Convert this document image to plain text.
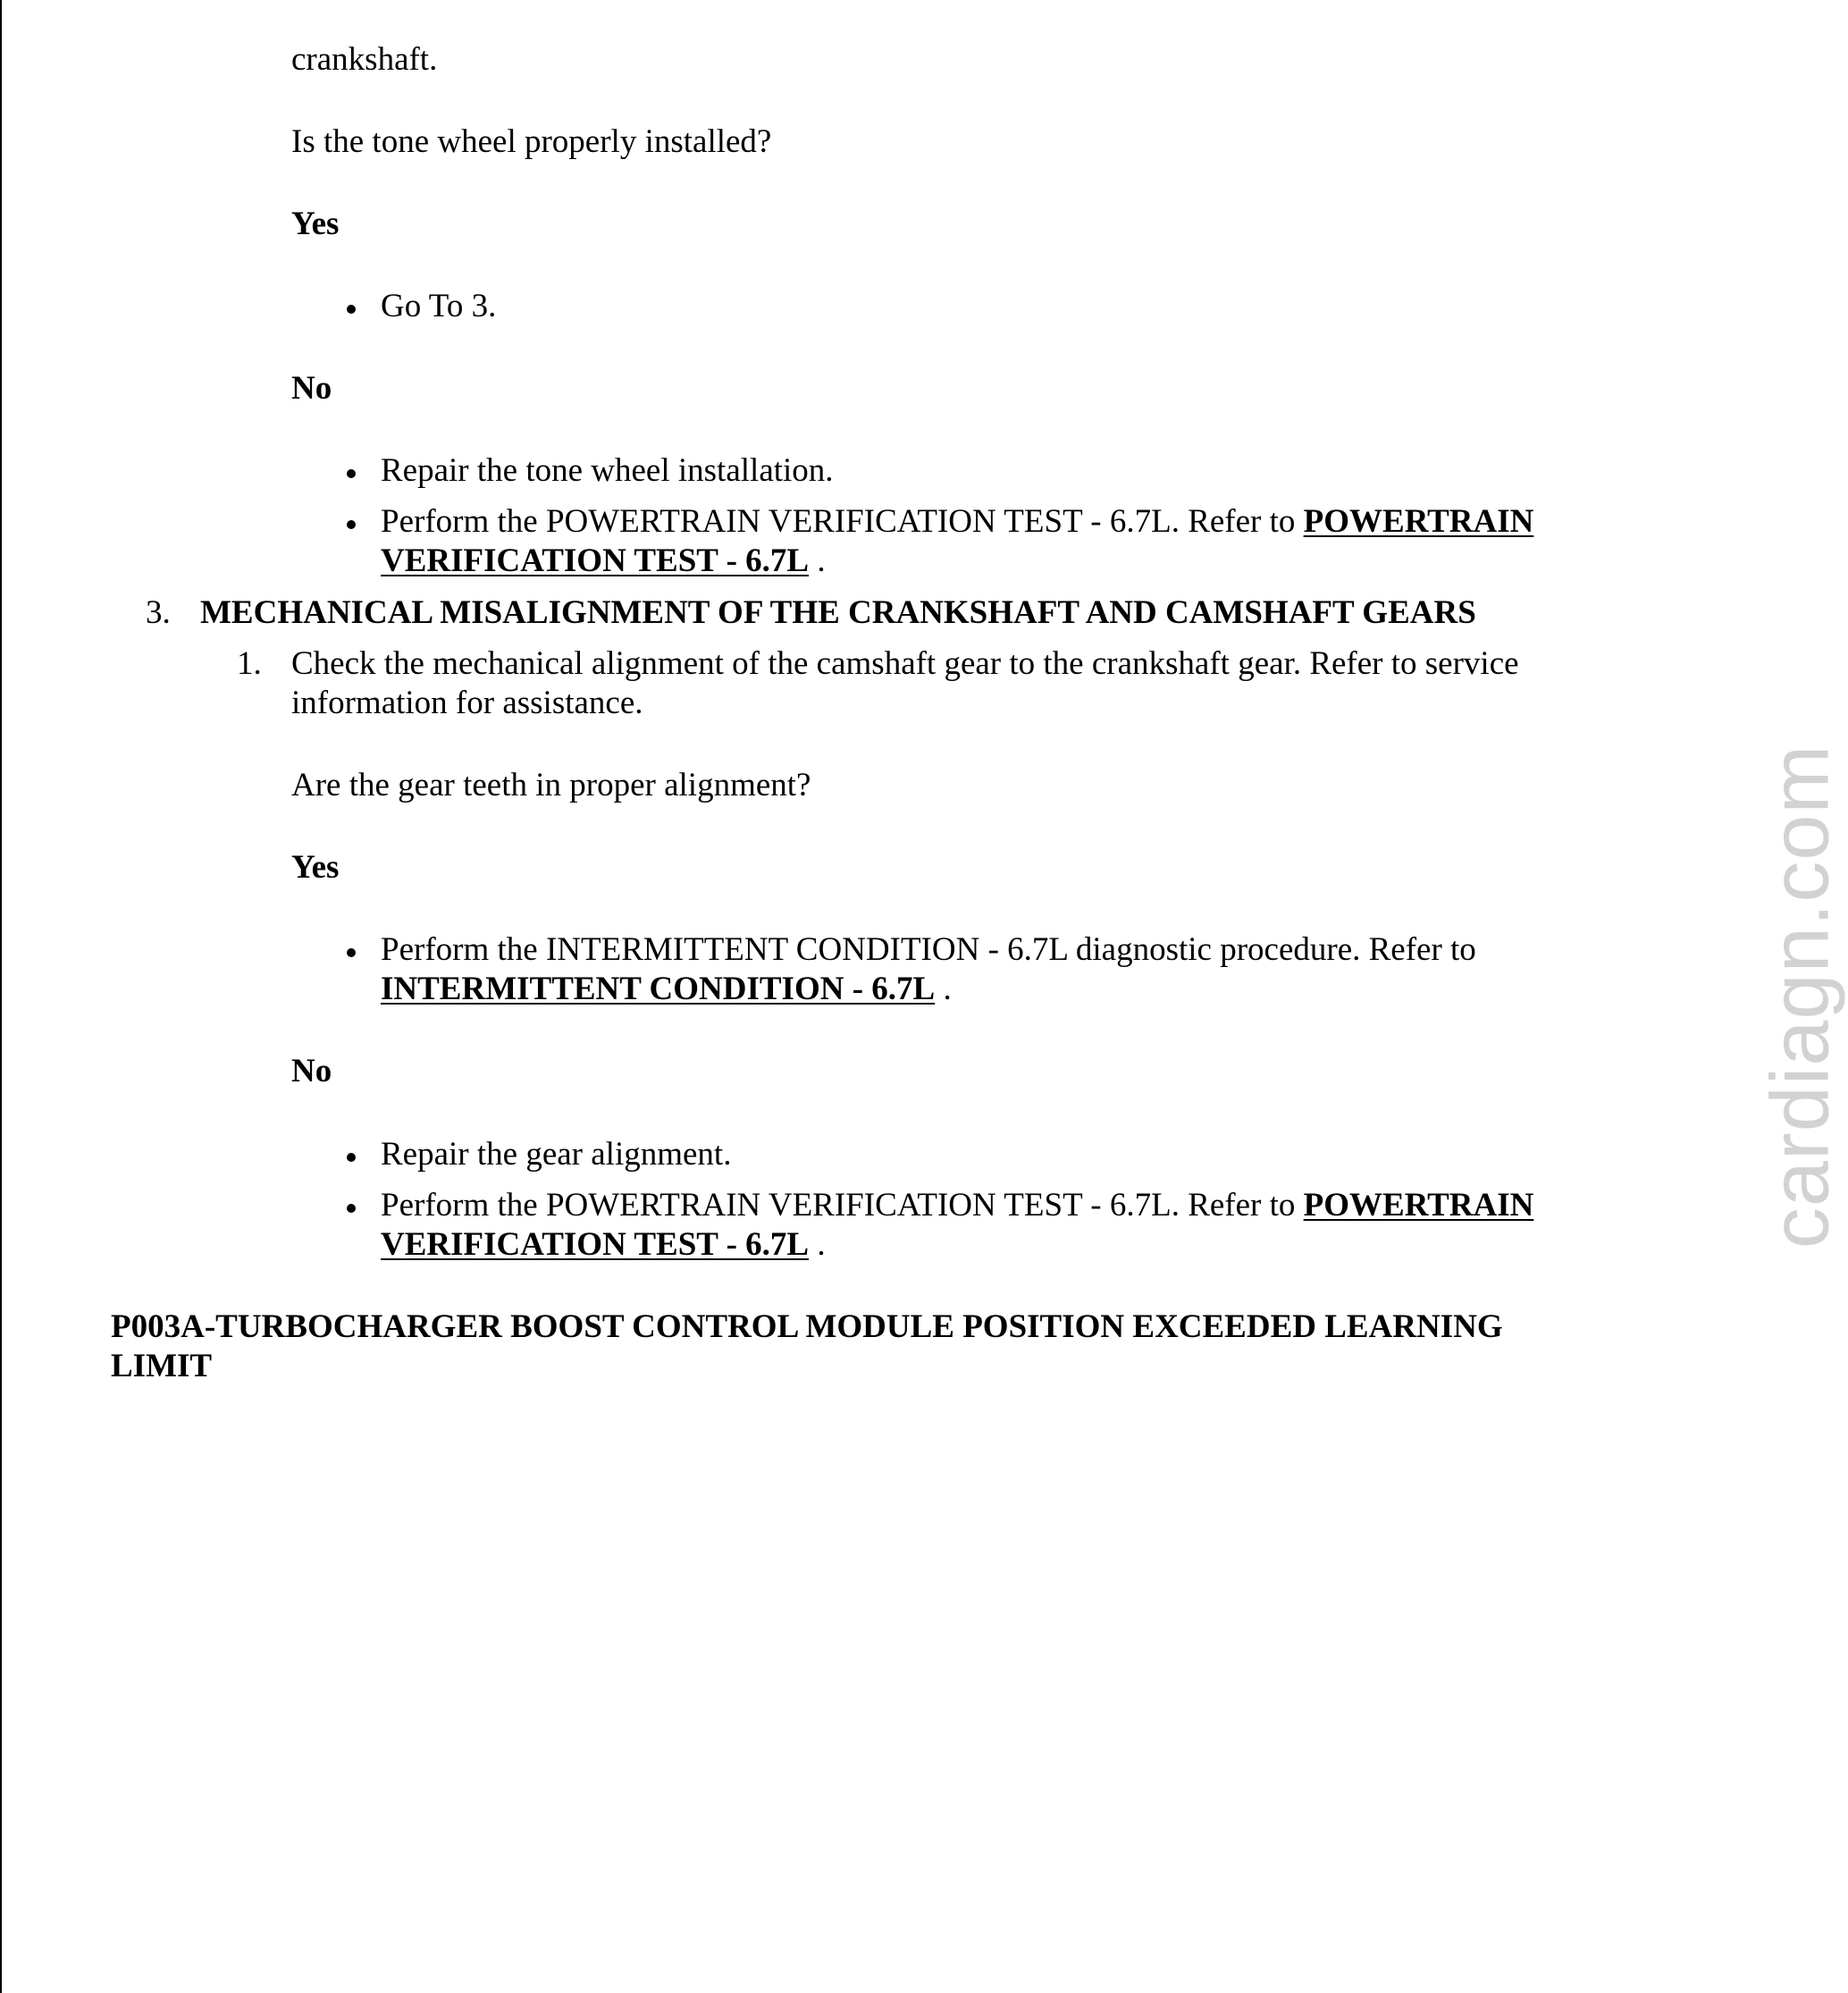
crankshaft.

Is the tone wheel properly installed?

Yes

Go To 3.

No

Repair the tone wheel installation.

Perform the POWERTRAIN VERIFICATION TEST - 6.7L. Refer to POWERTRAIN

VERIFICATION TEST - 6.7L .

3. MECHANICAL MISALIGNMENT OF THE CRANKSHAFT AND CAMSHAFT GEARS

1. Check the mechanical alignment of the camshaft gear to the crankshaft gear. Refer to service

information for assistance.

Are the gear teeth in proper alignment?

Yes

Perform the INTERMITTENT CONDITION - 6.7L diagnostic procedure. Refer to

INTERMITTENT CONDITION - 6.7L .

No

Repair the gear alignment.

Perform the POWERTRAIN VERIFICATION TEST - 6.7L. Refer to POWERTRAIN

VERIFICATION TEST - 6.7L .

P003A-TURBOCHARGER BOOST CONTROL MODULE POSITION EXCEEDED LEARNING

LIMIT

cardiagn.com
